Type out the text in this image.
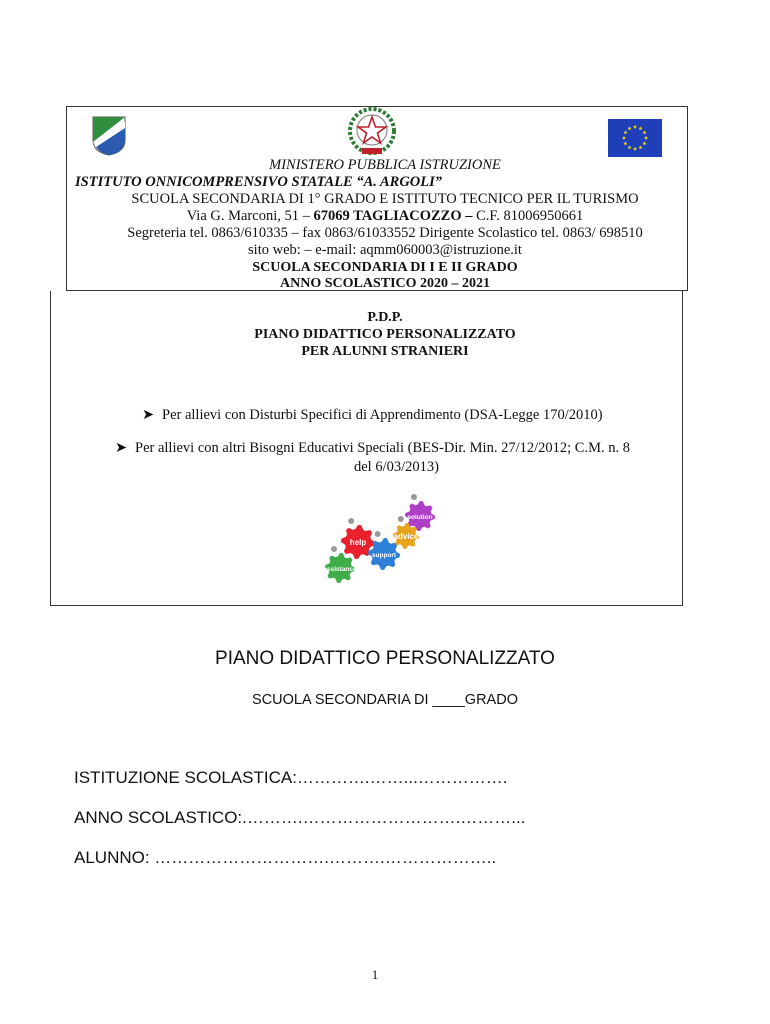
MINISTERO PUBBLICA ISTRUZIONE
ISTITUTO ONNICOMPRENSIVO STATALE “A. ARGOLI”
SCUOLA SECONDARIA DI 1° GRADO E ISTITUTO TECNICO PER IL TURISMO
Via G. Marconi, 51 – 67069 TAGLIACOZZO – C.F. 81006950661
Segreteria tel. 0863/610335 – fax 0863/61033552 Dirigente Scolastico tel. 0863/ 698510
sito web: – e-mail: aqmm060003@istruzione.it
SCUOLA SECONDARIA DI I E II GRADO
ANNO SCOLASTICO 2020 – 2021
P.D.P.
PIANO DIDATTICO PERSONALIZZATO
PER ALUNNI STRANIERI
➤ Per allievi con Disturbi Specifici di Apprendimento (DSA-Legge 170/2010)
➤ Per allievi con altri Bisogni Educativi Speciali (BES-Dir. Min. 27/12/2012; C.M. n. 8
del 6/03/2013)
help
support
assistance
solution
advice
PIANO DIDATTICO PERSONALIZZATO
SCUOLA SECONDARIA DI ____GRADO
ISTITUZIONE SCOLASTICA:………….……...…………….
ANNO SCOLASTICO:.……….……………………….………...
ALUNNO: ………………………….……….………………..
1
